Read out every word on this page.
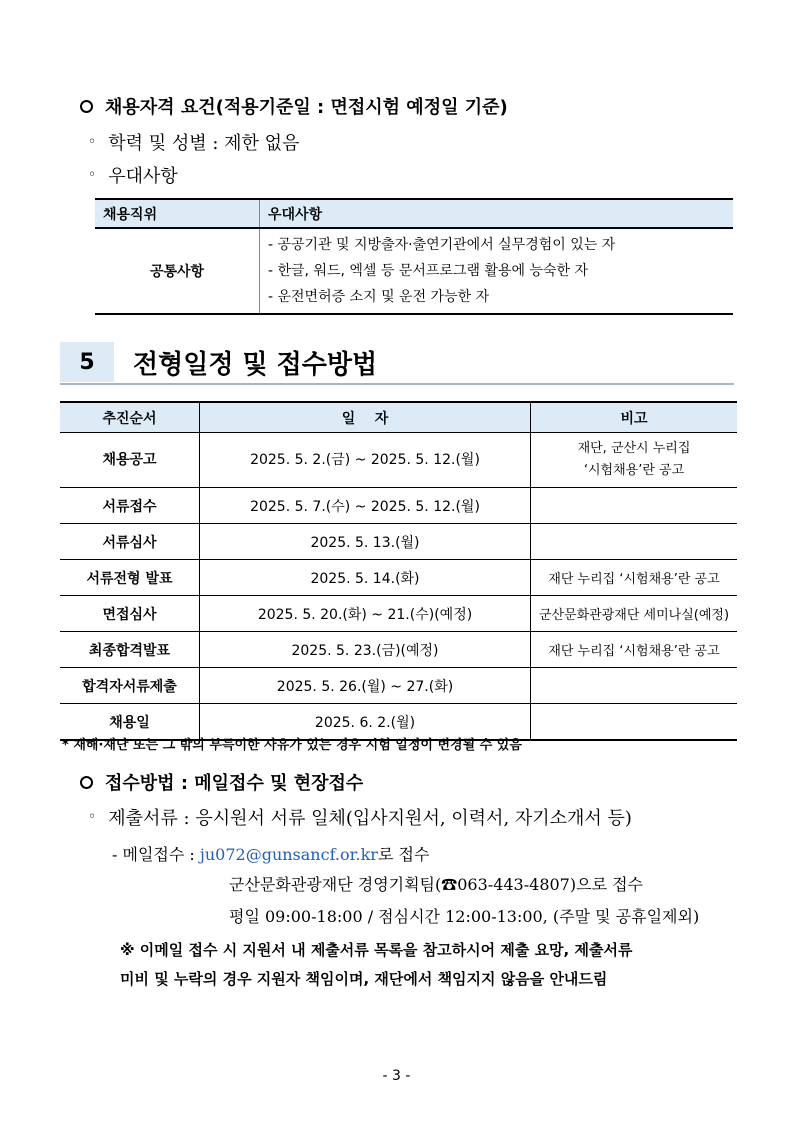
채용자격 요건(적용기준일 : 면접시험 예정일 기준)
◦ 학력 및 성별 : 제한 없음
◦ 우대사항
채용직위	우대사항
공통사항	- 공공기관 및 지방출자·출연기관에서 실무경험이 있는 자
- 한글, 워드, 엑셀 등 문서프로그램 활용에 능숙한 자
- 운전면허증 소지 및 운전 가능한 자
5	전형일정 및 접수방법
추진순서	일    자	비고
채용공고	2025. 5. 2.(금) ~ 2025. 5. 12.(월)	재단, 군산시 누리집
‘시험채용’란 공고

서류접수	2025. 5. 7.(수) ~ 2025. 5. 12.(월)	
서류심사	2025. 5. 13.(월)	
서류전형 발표	2025. 5. 14.(화)	재단 누리집 ‘시험채용’란 공고
면접심사	2025. 5. 20.(화) ~ 21.(수)(예정)	군산문화관광재단 세미나실(예정)
최종합격발표	2025. 5. 23.(금)(예정)	재단 누리집 ‘시험채용’란 공고
합격자서류제출	2025. 5. 26.(월) ~ 27.(화)	
채용일	2025. 6. 2.(월)	
* 재해·재난 또는 그 밖의 부득이한 사유가 있는 경우 시험 일정이 변경될 수 있음
접수방법 : 메일접수 및 현장접수
◦ 제출서류 : 응시원서 서류 일체(입사지원서, 이력서, 자기소개서 등)
- 메일접수 : ju072@gunsancf.or.kr로 접수
군산문화관광재단 경영기획팀(☎063-443-4807)으로 접수
평일 09:00-18:00 / 점심시간 12:00-13:00, (주말 및 공휴일제외)
※ 이메일 접수 시 지원서 내 제출서류 목록을 참고하시어 제출 요망, 제출서류
미비 및 누락의 경우 지원자 책임이며, 재단에서 책임지지 않음을 안내드림
- 3 -
